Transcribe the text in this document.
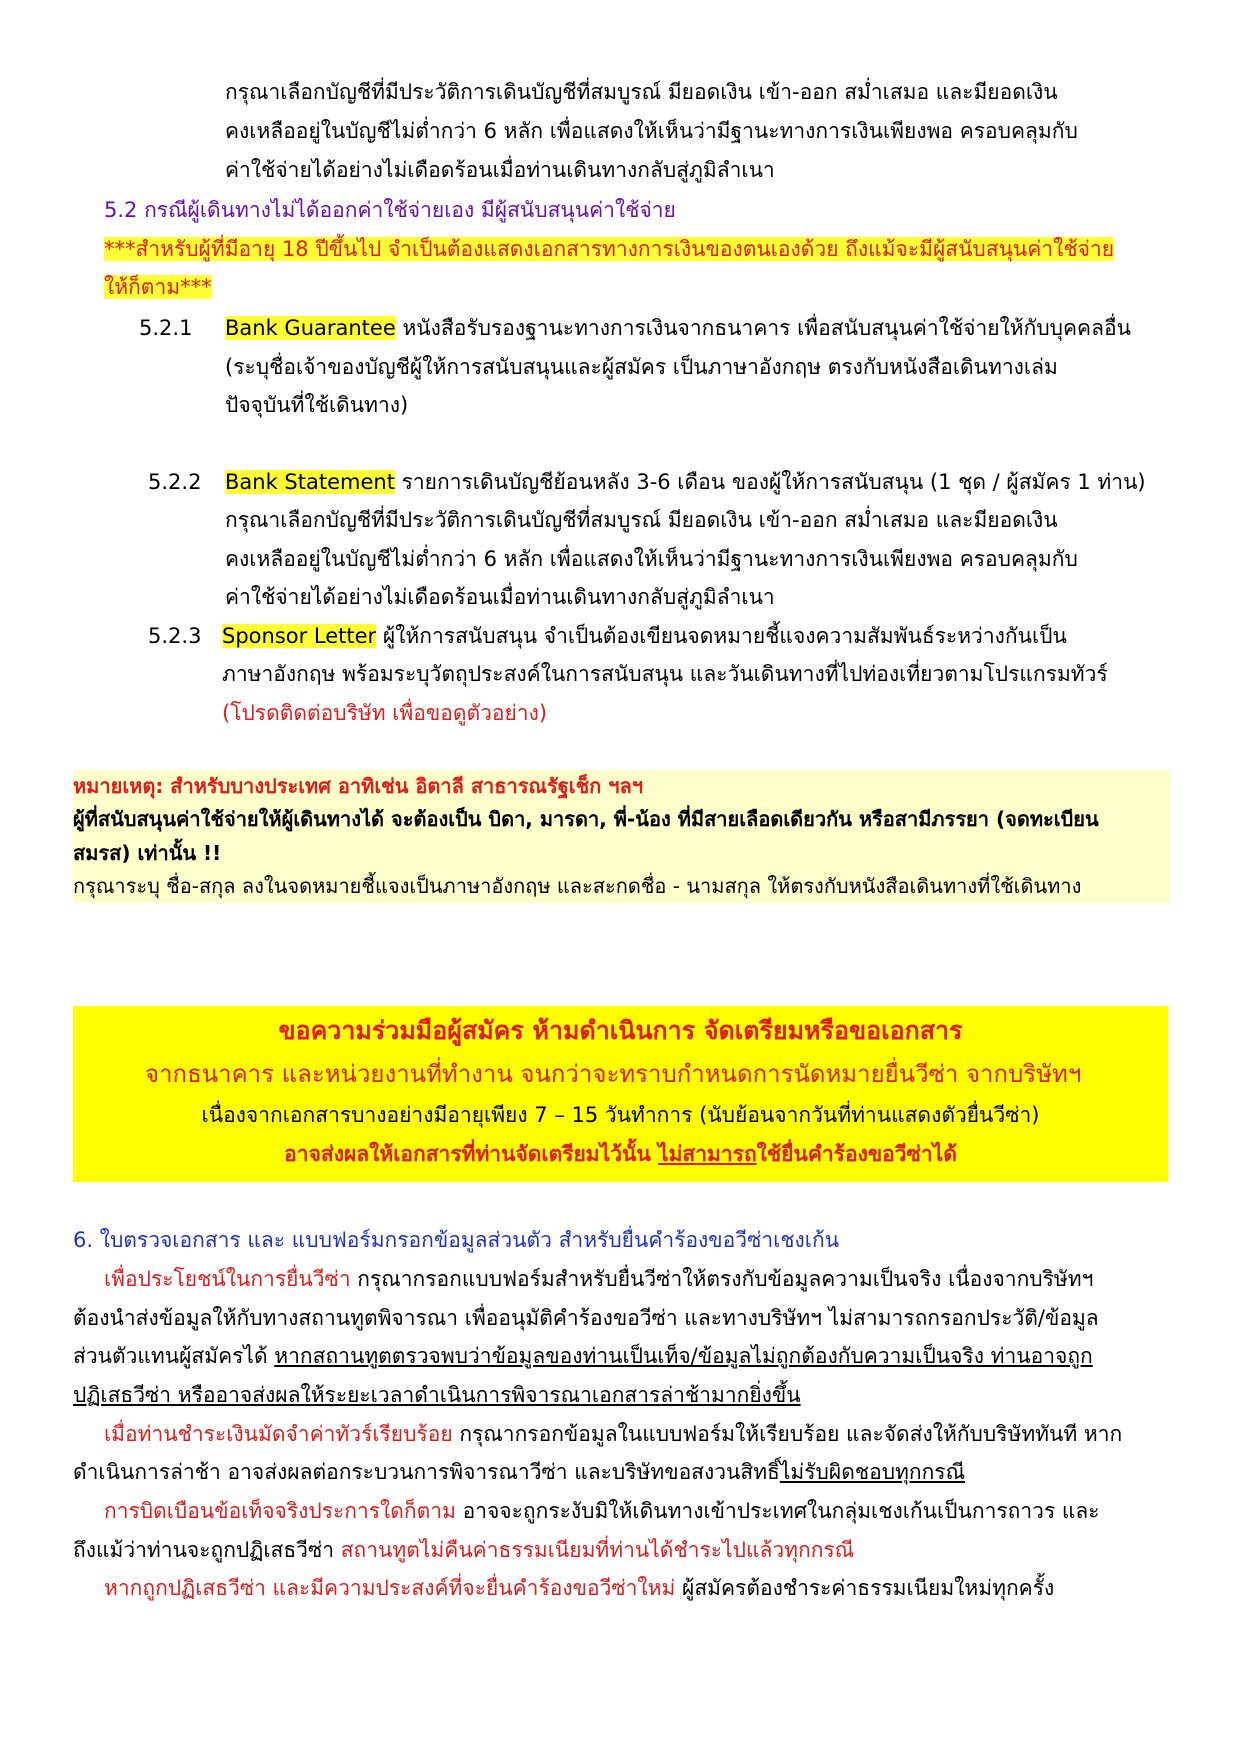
กรุณาเลือกบัญชีที่มีประวัติการเดินบัญชีที่สมบูรณ์ มียอดเงิน เข้า-ออก สม่ำเสมอ และมียอดเงิน
คงเหลืออยู่ในบัญชีไม่ต่ำกว่า 6 หลัก เพื่อแสดงให้เห็นว่ามีฐานะทางการเงินเพียงพอ ครอบคลุมกับ
ค่าใช้จ่ายได้อย่างไม่เดือดร้อนเมื่อท่านเดินทางกลับสู่ภูมิลำเนา
5.2 กรณีผู้เดินทางไม่ได้ออกค่าใช้จ่ายเอง มีผู้สนับสนุนค่าใช้จ่าย
***สำหรับผู้ที่มีอายุ 18 ปีขึ้นไป จำเป็นต้องแสดงเอกสารทางการเงินของตนเองด้วย ถึงแม้จะมีผู้สนับสนุนค่าใช้จ่าย
ให้ก็ตาม***
5.2.1 Bank Guarantee หนังสือรับรองฐานะทางการเงินจากธนาคาร เพื่อสนับสนุนค่าใช้จ่ายให้กับบุคคลอื่น
(ระบุชื่อเจ้าของบัญชีผู้ให้การสนับสนุนและผู้สมัคร เป็นภาษาอังกฤษ ตรงกับหนังสือเดินทางเล่ม
ปัจจุบันที่ใช้เดินทาง)
5.2.2 Bank Statement รายการเดินบัญชีย้อนหลัง 3-6 เดือน ของผู้ให้การสนับสนุน (1 ชุด / ผู้สมัคร 1 ท่าน)
กรุณาเลือกบัญชีที่มีประวัติการเดินบัญชีที่สมบูรณ์ มียอดเงิน เข้า-ออก สม่ำเสมอ และมียอดเงิน
คงเหลืออยู่ในบัญชีไม่ต่ำกว่า 6 หลัก เพื่อแสดงให้เห็นว่ามีฐานะทางการเงินเพียงพอ ครอบคลุมกับ
ค่าใช้จ่ายได้อย่างไม่เดือดร้อนเมื่อท่านเดินทางกลับสู่ภูมิลำเนา
5.2.3 Sponsor Letter ผู้ให้การสนับสนุน จำเป็นต้องเขียนจดหมายชี้แจงความสัมพันธ์ระหว่างกันเป็น
ภาษาอังกฤษ พร้อมระบุวัตถุประสงค์ในการสนับสนุน และวันเดินทางที่ไปท่องเที่ยวตามโปรแกรมทัวร์
(โปรดติดต่อบริษัท เพื่อขอดูตัวอย่าง)
หมายเหตุ: สำหรับบางประเทศ อาทิเช่น อิตาลี สาธารณรัฐเช็ก ฯลฯ
ผู้ที่สนับสนุนค่าใช้จ่ายให้ผู้เดินทางได้ จะต้องเป็น บิดา, มารดา, พี่-น้อง ที่มีสายเลือดเดียวกัน หรือสามีภรรยา (จดทะเบียน
สมรส) เท่านั้น !!
กรุณาระบุ ชื่อ-สกุล ลงในจดหมายชี้แจงเป็นภาษาอังกฤษ และสะกดชื่อ - นามสกุล ให้ตรงกับหนังสือเดินทางที่ใช้เดินทาง
ขอความร่วมมือผู้สมัคร ห้ามดำเนินการ จัดเตรียมหรือขอเอกสาร
จากธนาคาร และหน่วยงานที่ทำงาน จนกว่าจะทราบกำหนดการนัดหมายยื่นวีซ่า จากบริษัทฯ
เนื่องจากเอกสารบางอย่างมีอายุเพียง 7 – 15 วันทำการ (นับย้อนจากวันที่ท่านแสดงตัวยื่นวีซ่า)
อาจส่งผลให้เอกสารที่ท่านจัดเตรียมไว้นั้น ไม่สามารถใช้ยื่นคำร้องขอวีซ่าได้
6. ใบตรวจเอกสาร และ แบบฟอร์มกรอกข้อมูลส่วนตัว สำหรับยื่นคำร้องขอวีซ่าเชงเก้น
เพื่อประโยชน์ในการยื่นวีซ่า กรุณากรอกแบบฟอร์มสำหรับยื่นวีซ่าให้ตรงกับข้อมูลความเป็นจริง เนื่องจากบริษัทฯ
ต้องนำส่งข้อมูลให้กับทางสถานทูตพิจารณา เพื่ออนุมัติคำร้องขอวีซ่า และทางบริษัทฯ ไม่สามารถกรอกประวัติ/ข้อมูล
ส่วนตัวแทนผู้สมัครได้ หากสถานทูตตรวจพบว่าข้อมูลของท่านเป็นเท็จ/ข้อมูลไม่ถูกต้องกับความเป็นจริง ท่านอาจถูก
ปฏิเสธวีซ่า หรืออาจส่งผลให้ระยะเวลาดำเนินการพิจารณาเอกสารล่าช้ามากยิ่งขึ้น
เมื่อท่านชำระเงินมัดจำค่าทัวร์เรียบร้อย กรุณากรอกข้อมูลในแบบฟอร์มให้เรียบร้อย และจัดส่งให้กับบริษัททันที หาก
ดำเนินการล่าช้า อาจส่งผลต่อกระบวนการพิจารณาวีซ่า และบริษัทขอสงวนสิทธิ์ไม่รับผิดชอบทุกกรณี
การบิดเบือนข้อเท็จจริงประการใดก็ตาม อาจจะถูกระงับมิให้เดินทางเข้าประเทศในกลุ่มเชงเก้นเป็นการถาวร และ
ถึงแม้ว่าท่านจะถูกปฏิเสธวีซ่า สถานทูตไม่คืนค่าธรรมเนียมที่ท่านได้ชำระไปแล้วทุกกรณี
หากถูกปฏิเสธวีซ่า และมีความประสงค์ที่จะยื่นคำร้องขอวีซ่าใหม่ ผู้สมัครต้องชำระค่าธรรมเนียมใหม่ทุกครั้ง
